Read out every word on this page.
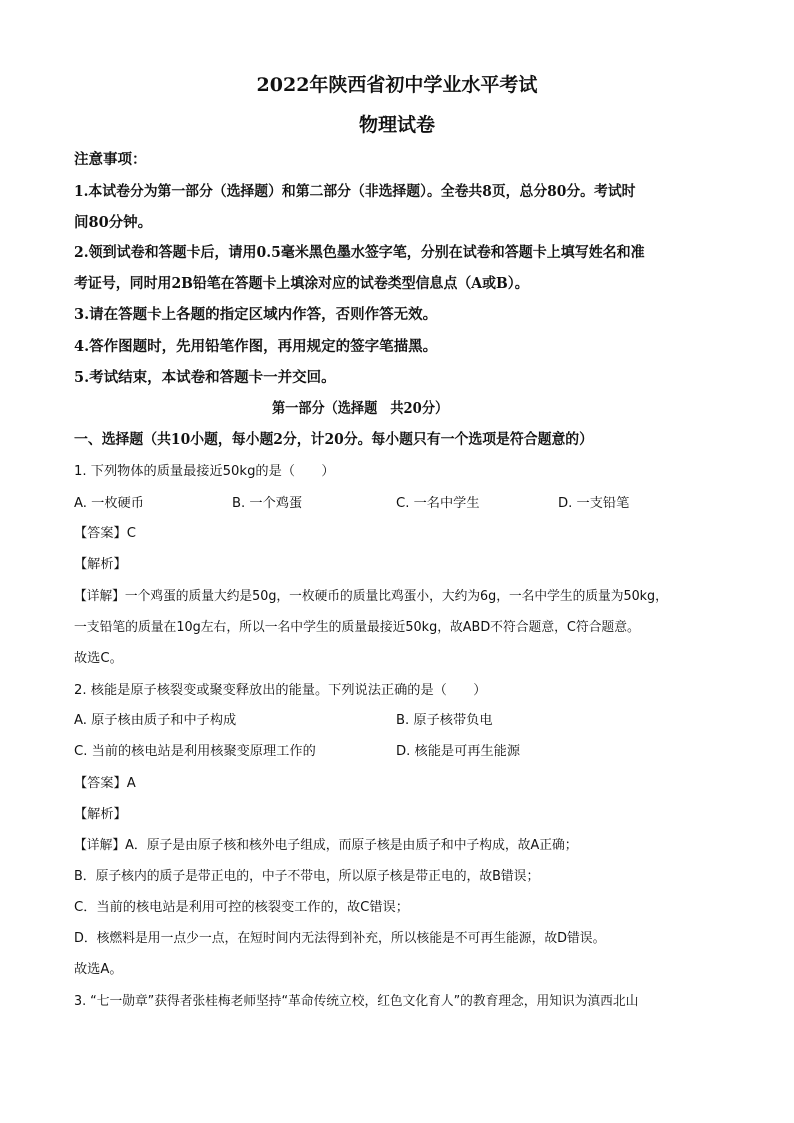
2022年陕西省初中学业水平考试
物理试卷
注意事项：
1.本试卷分为第一部分（选择题）和第二部分（非选择题）。全卷共8页，总分80分。考试时
间80分钟。
2.领到试卷和答题卡后，请用0.5毫米黑色墨水签字笔，分别在试卷和答题卡上填写姓名和准
考证号，同时用2B铅笔在答题卡上填涂对应的试卷类型信息点（A或B）。
3.请在答题卡上各题的指定区域内作答，否则作答无效。
4.答作图题时，先用铅笔作图，再用规定的签字笔描黑。
5.考试结束，本试卷和答题卡一并交回。
第一部分（选择题　共20分）
一、选择题（共10小题，每小题2分，计20分。每小题只有一个选项是符合题意的）
1. 下列物体的质量最接近50kg的是（　　）
A. 一枚硬币	B. 一个鸡蛋	C. 一名中学生	D. 一支铅笔
【答案】C
【解析】
【详解】一个鸡蛋的质量大约是50g，一枚硬币的质量比鸡蛋小，大约为6g，一名中学生的质量为50kg，
一支铅笔的质量在10g左右，所以一名中学生的质量最接近50kg，故ABD不符合题意，C符合题意。
故选C。
2. 核能是原子核裂变或聚变释放出的能量。下列说法正确的是（　　）
A. 原子核由质子和中子构成	B. 原子核带负电
C. 当前的核电站是利用核聚变原理工作的	D. 核能是可再生能源
【答案】A
【解析】
【详解】A．原子是由原子核和核外电子组成，而原子核是由质子和中子构成，故A正确；
B．原子核内的质子是带正电的，中子不带电，所以原子核是带正电的，故B错误；
C．当前的核电站是利用可控的核裂变工作的，故C错误；
D．核燃料是用一点少一点，在短时间内无法得到补充，所以核能是不可再生能源，故D错误。
故选A。
3. “七一勋章”获得者张桂梅老师坚持“革命传统立校，红色文化育人”的教育理念，用知识为滇西北山
